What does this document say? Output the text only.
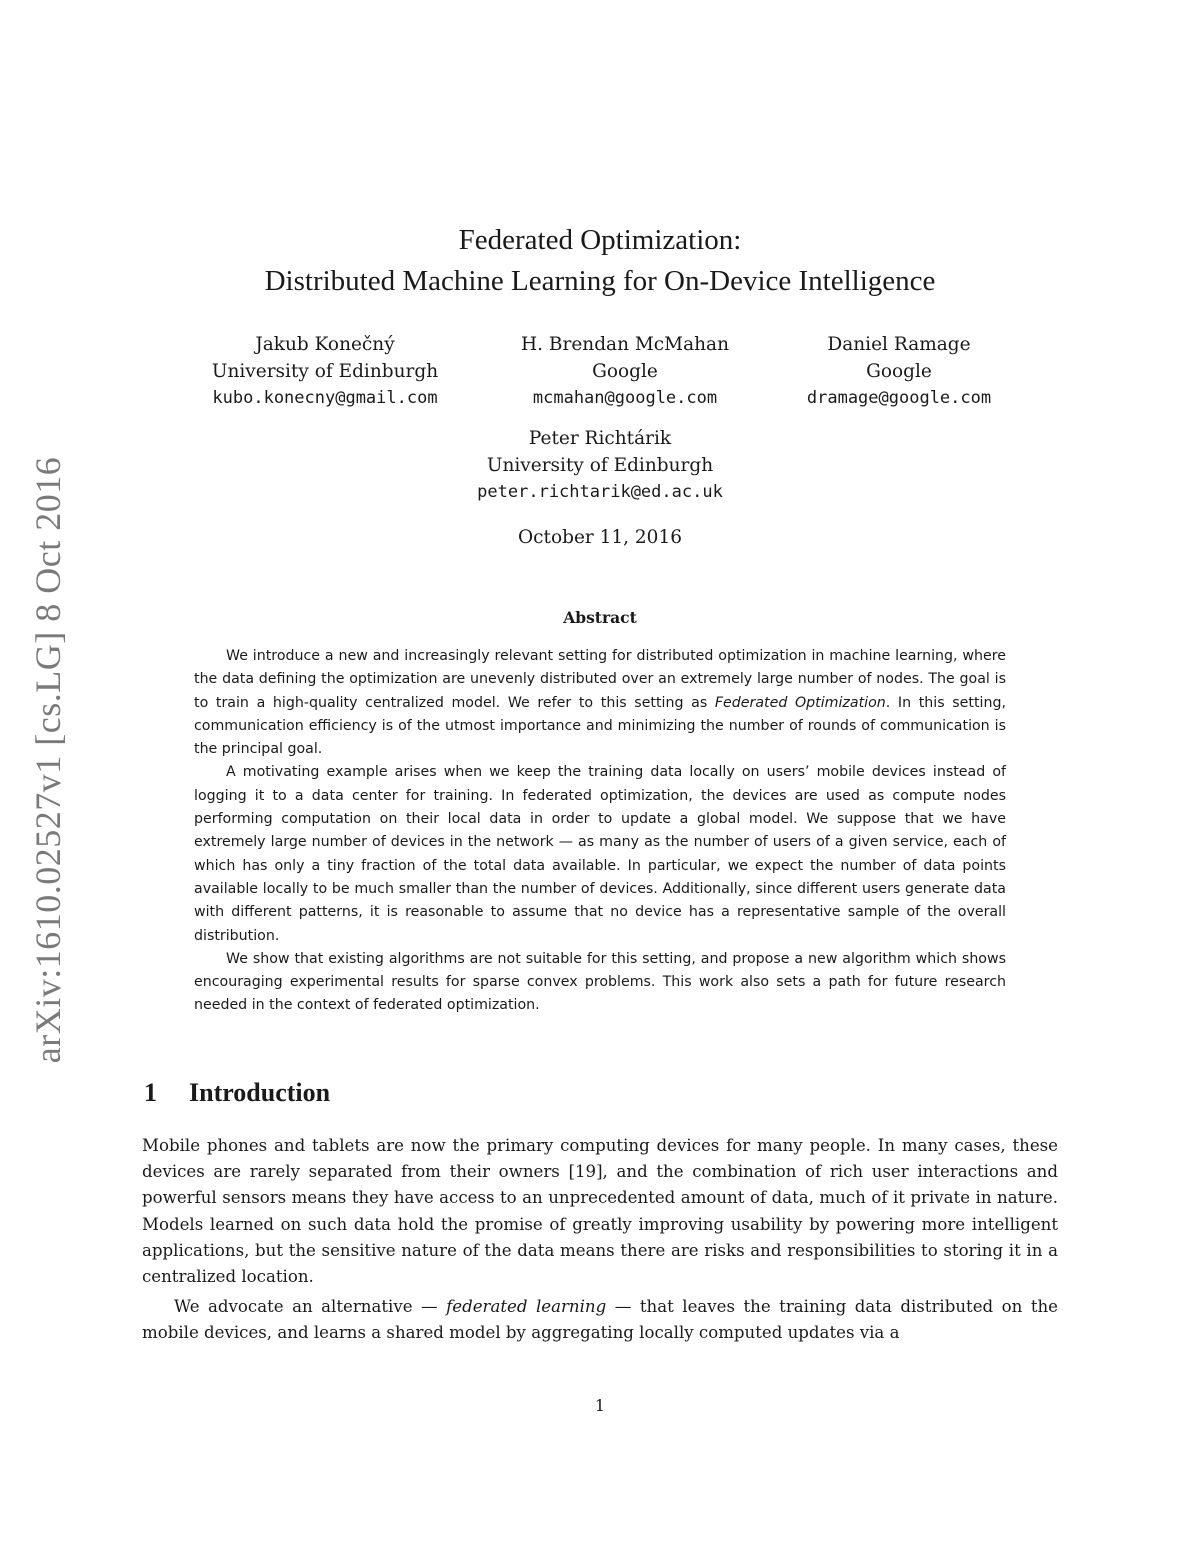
arXiv:1610.02527v1 [cs.LG] 8 Oct 2016
Federated Optimization:
Distributed Machine Learning for On-Device Intelligence
Jakub Konečný
University of Edinburgh
kubo.konecny@gmail.com
H. Brendan McMahan
Google
mcmahan@google.com
Daniel Ramage
Google
dramage@google.com
Peter Richtárik
University of Edinburgh
peter.richtarik@ed.ac.uk
October 11, 2016
Abstract

We introduce a new and increasingly relevant setting for distributed optimization in machine learning, where the data defining the optimization are unevenly distributed over an extremely large number of nodes. The goal is to train a high-quality centralized model. We refer to this setting as Federated Optimization. In this setting, communication efficiency is of the utmost importance and minimizing the number of rounds of communication is the principal goal.

A motivating example arises when we keep the training data locally on users’ mobile devices instead of logging it to a data center for training. In federated optimization, the devices are used as compute nodes performing computation on their local data in order to update a global model. We suppose that we have extremely large number of devices in the network — as many as the number of users of a given service, each of which has only a tiny fraction of the total data available. In particular, we expect the number of data points available locally to be much smaller than the number of devices. Additionally, since different users generate data with different patterns, it is reasonable to assume that no device has a representative sample of the overall distribution.

We show that existing algorithms are not suitable for this setting, and propose a new algorithm which shows encouraging experimental results for sparse convex problems. This work also sets a path for future research needed in the context of federated optimization.

1 Introduction

Mobile phones and tablets are now the primary computing devices for many people. In many cases, these devices are rarely separated from their owners [19], and the combination of rich user interactions and powerful sensors means they have access to an unprecedented amount of data, much of it private in nature. Models learned on such data hold the promise of greatly improving usability by powering more intelligent applications, but the sensitive nature of the data means there are risks and responsibilities to storing it in a centralized location.

We advocate an alternative — federated learning — that leaves the training data distributed on the mobile devices, and learns a shared model by aggregating locally computed updates via a

1
